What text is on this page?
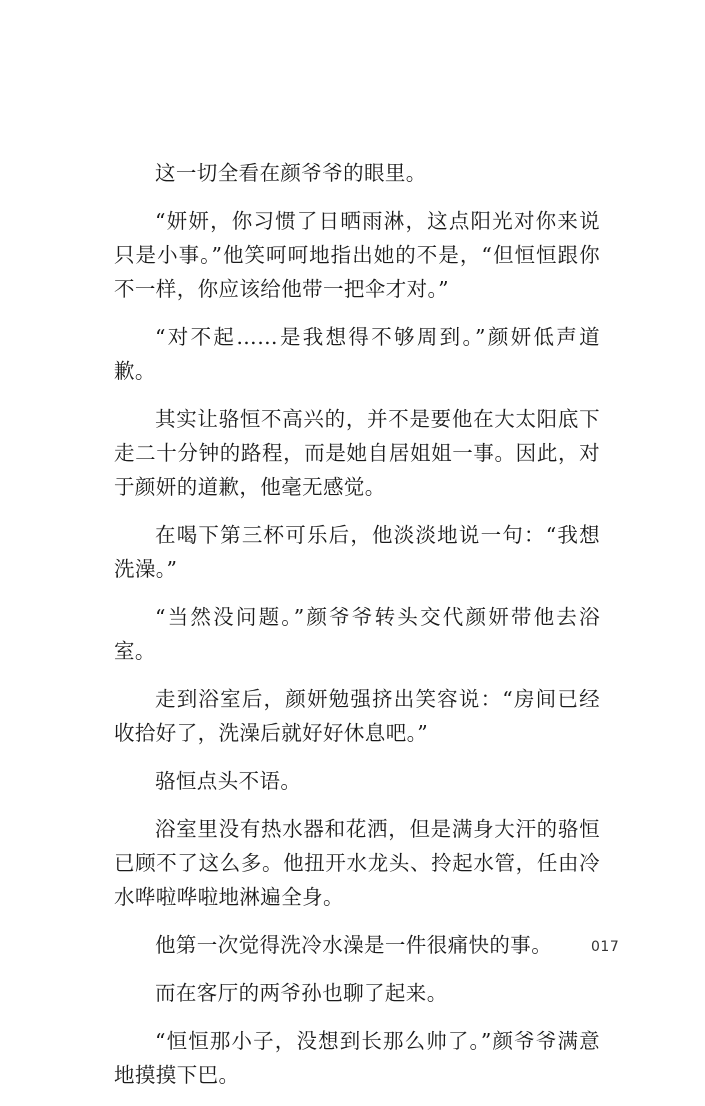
这一切全看在颜爷爷的眼里。

“妍妍，你习惯了日晒雨淋，这点阳光对你来说只是小事。”他笑呵呵地指出她的不是，“但恒恒跟你不一样，你应该给他带一把伞才对。”

“对不起……是我想得不够周到。”颜妍低声道歉。

其实让骆恒不高兴的，并不是要他在大太阳底下走二十分钟的路程，而是她自居姐姐一事。因此，对于颜妍的道歉，他毫无感觉。

在喝下第三杯可乐后，他淡淡地说一句：“我想洗澡。”

“当然没问题。”颜爷爷转头交代颜妍带他去浴室。

走到浴室后，颜妍勉强挤出笑容说：“房间已经收拾好了，洗澡后就好好休息吧。”

骆恒点头不语。

浴室里没有热水器和花洒，但是满身大汗的骆恒已顾不了这么多。他扭开水龙头、拎起水管，任由冷水哗啦哗啦地淋遍全身。

他第一次觉得洗冷水澡是一件很痛快的事。

而在客厅的两爷孙也聊了起来。

“恒恒那小子，没想到长那么帅了。”颜爷爷满意地摸摸下巴。

017
